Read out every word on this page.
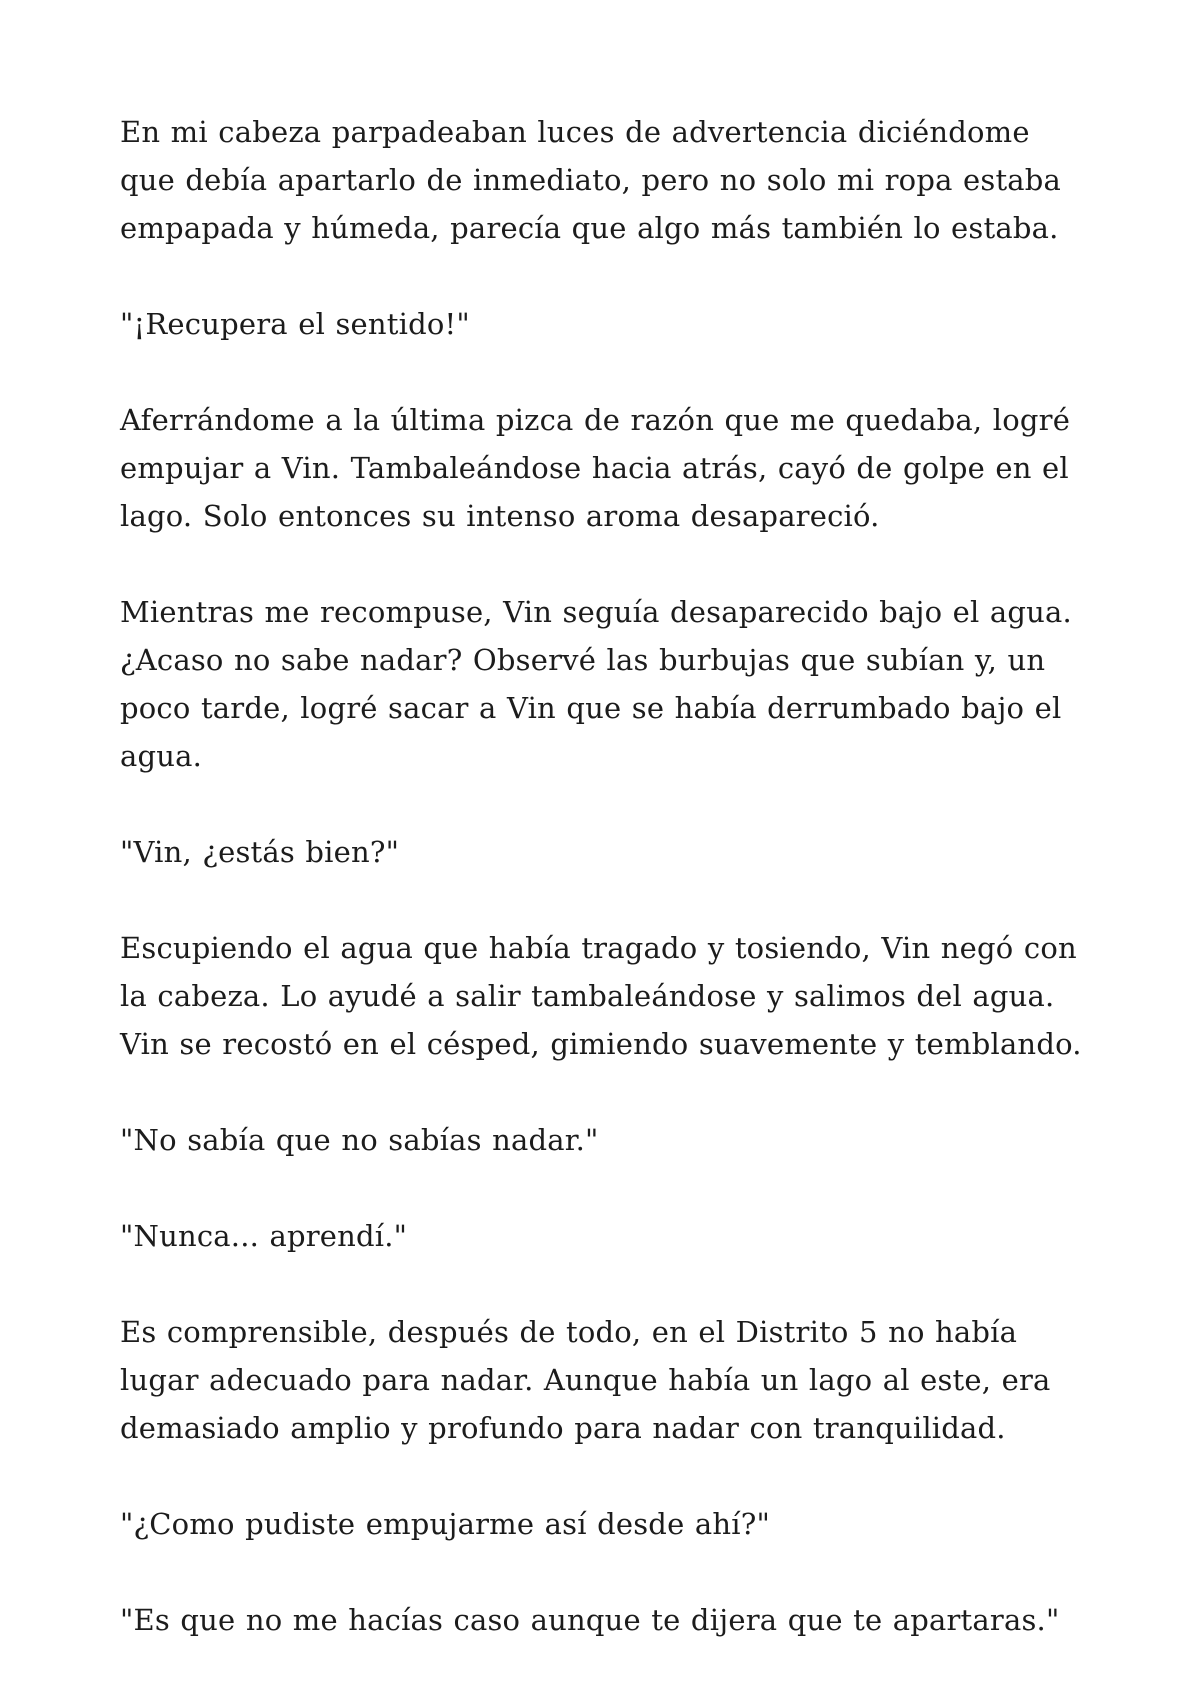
En mi cabeza parpadeaban luces de advertencia diciéndome que debía apartarlo de inmediato, pero no solo mi ropa estaba empapada y húmeda, parecía que algo más también lo estaba.

"¡Recupera el sentido!"

Aferrándome a la última pizca de razón que me quedaba, logré empujar a Vin. Tambaleándose hacia atrás, cayó de golpe en el lago. Solo entonces su intenso aroma desapareció.

Mientras me recompuse, Vin seguía desaparecido bajo el agua. ¿Acaso no sabe nadar? Observé las burbujas que subían y, un poco tarde, logré sacar a Vin que se había derrumbado bajo el agua.

"Vin, ¿estás bien?"

Escupiendo el agua que había tragado y tosiendo, Vin negó con la cabeza. Lo ayudé a salir tambaleándose y salimos del agua. Vin se recostó en el césped, gimiendo suavemente y temblando.

"No sabía que no sabías nadar."

"Nunca... aprendí."

Es comprensible, después de todo, en el Distrito 5 no había lugar adecuado para nadar. Aunque había un lago al este, era demasiado amplio y profundo para nadar con tranquilidad.

"¿Como pudiste empujarme así desde ahí?"

"Es que no me hacías caso aunque te dijera que te apartaras."
